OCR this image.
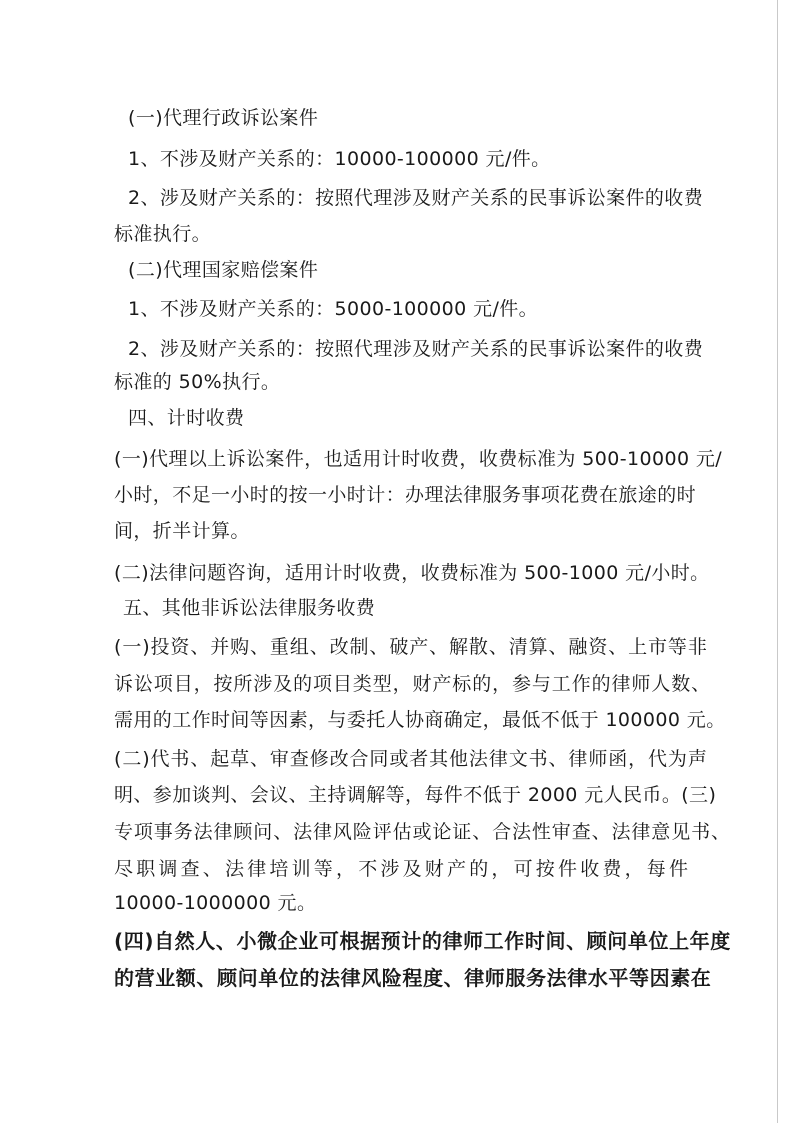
(一)代理行政诉讼案件
1、不涉及财产关系的：10000-100000 元/件。
2、涉及财产关系的：按照代理涉及财产关系的民事诉讼案件的收费
标准执行。
(二)代理国家赔偿案件
1、不涉及财产关系的：5000-100000 元/件。
2、涉及财产关系的：按照代理涉及财产关系的民事诉讼案件的收费
标准的 50%执行。
四、计时收费
(一)代理以上诉讼案件，也适用计时收费，收费标准为 500-10000 元/
小时，不足一小时的按一小时计：办理法律服务事项花费在旅途的时
间，折半计算。
(二)法律问题咨询，适用计时收费，收费标准为 500-1000 元/小时。
五、其他非诉讼法律服务收费
(一)投资、并购、重组、改制、破产、解散、清算、融资、上市等非
诉讼项目，按所涉及的项目类型，财产标的，参与工作的律师人数、
需用的工作时间等因素，与委托人协商确定，最低不低于 100000 元。
(二)代书、起草、审查修改合同或者其他法律文书、律师函，代为声
明、参加谈判、会议、主持调解等，每件不低于 2000 元人民币。(三)
专项事务法律顾问、法律风险评估或论证、合法性审查、法律意见书、
尽职调查、法律培训等，不涉及财产的，可按件收费，每件
10000-1000000 元。
(四)自然人、小微企业可根据预计的律师工作时间、顾问单位上年度
的营业额、顾问单位的法律风险程度、律师服务法律水平等因素在
